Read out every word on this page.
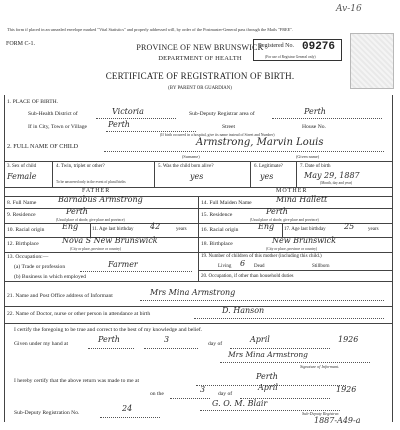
Av-16
This form if placed in an unsealed envelope marked "Vital Statistics" and properly addressed will, by order of the Postmaster-General pass through the Mails "FREE".
FORM C-1.	PROVINCE OF NEW BRUNSWICK
DEPARTMENT OF HEALTH
CERTIFICATE OF REGISTRATION OF BIRTH.
(BY PARENT OR GUARDIAN)
Registered No. 09276
(For use of Registrar General only)
1. PLACE OF BIRTH.
Sub-Health District of	Victoria	Sub-Deputy Registrar area of	Perth
If in City, Town or Village	Perth	Street	House No.
(If birth occurred in a hospital, give its name instead of Street and Number)
2. FULL NAME OF CHILD	Armstrong, Marvin Louis
(Surname)	(Given name)
3. Sex of child
Female
4. Twin, triplet or other?
To be answered only in the event of plural births
5. Was the child born alive?
yes
6. Legitimate?
yes
7. Date of birth
May 29, 1887
(Month, day and year)
FATHER	MOTHER
8. Full Name	Barnabus Armstrong
9. Residence	Perth
(Usual place of abode, give place and province)
10. Racial origin Eng	11. Age last birthday 42	years
12. Birthplace	Nova S New Brunswick
(City or place, province or country)
13. Occupation:—
(a) Trade or profession	Farmer
(b) Business in which employed
14. Full Maiden Name	Mina Hallett
15. Residence	Perth
(Usual place of abode, give place and province)
16. Racial origin Eng 17. Age last birthday 25	years
18. Birthplace	New Brunswick
(City or place, province or country)
19. Number of children of this mother (including this child.)
Living 6 Dead	Stillborn
20. Occupation, if other than household duties
21. Name and Post Office address of Informant	Mrs Mina Armstrong
22. Name of Doctor, nurse or other person in attendance at birth	D. Hanson
I certify the foregoing to be true and correct to the best of my knowledge and belief.
Given under my hand at	Perth	3	day of	April	1926
Mrs Mina Armstrong
Signature of Informant.
I hereby certify that the above return was made to me at	Perth
on the	3 day of
April	1926
G. O. M. Blair
Sub-Deputy Registration No.	24
Sub-Deputy Registrar.
1887-A49-a
